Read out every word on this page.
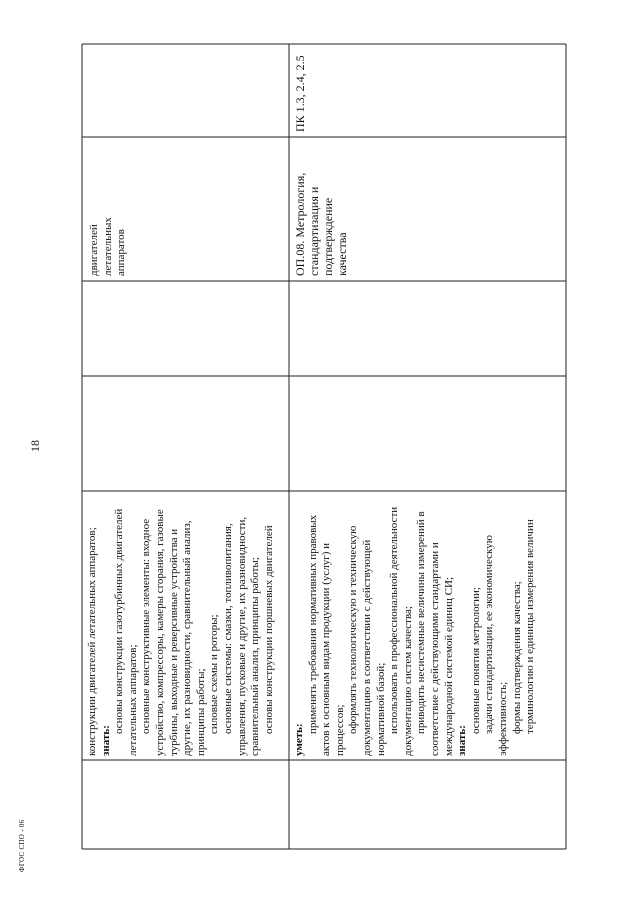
18

конструкции двигателей летательных аппаратов; знать:

основы конструкции газотурбинных двигателей летательных аппаратов; основные конструктивные элементы: входное устройство, компрессоры, камеры сгорания, газовые турбины, выходные и реверсивные устройства и другие, их разновидности, сравнительный анализ, принципы работы; силовые схемы и роторы; основные системы: смазки, топливопитания, управления, пусковые и другие, их разновидности, сравнительный анализ, принципы работы; основы конструкции поршневых двигателей

двигателей летательных аппаратов

уметь:

применять требования нормативных правовых актов к основным видам продукции (услуг) и процессов; оформлять технологическую и техническую документацию в соответствии с действующей нормативной базой; использовать в профессиональной деятельности документацию систем качества; приводить несистемные величины измерений в соответствие с действующими стандартами и международной системой единиц СИ; знать:

основные понятия метрологии; задачи стандартизации, ее экономическую эффективность; формы подтверждения качества; терминологию и единицы измерения величин

ОП.08. Метрология, стандартизация и подтверждение качества

ПК 1.3, 2.4, 2.5

ФГОС СПО - 06
